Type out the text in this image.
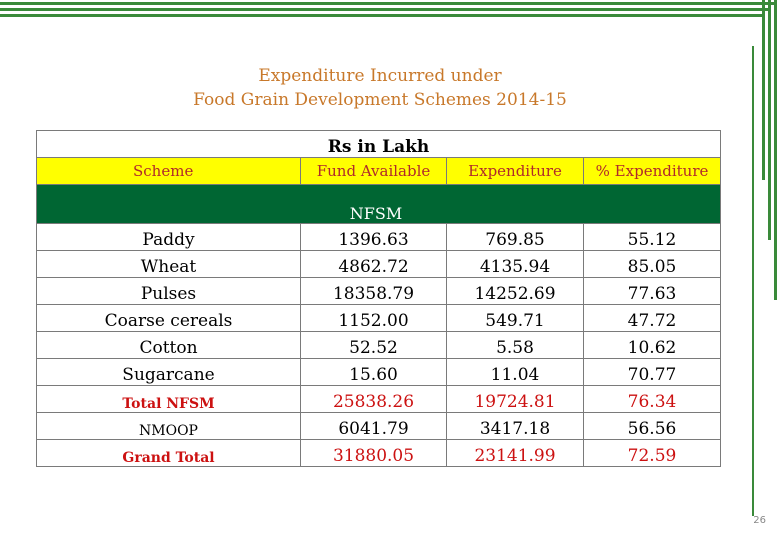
Expenditure Incurred under
Food Grain Development Schemes 2014-15
Rs in Lakh			
Scheme	Fund Available	Expenditure	% Expenditure
NFSM			
Paddy	1396.63	769.85	55.12
Wheat	4862.72	4135.94	85.05
Pulses	18358.79	14252.69	77.63
Coarse cereals	1152.00	549.71	47.72
Cotton	52.52	5.58	10.62
Sugarcane	15.60	11.04	70.77
Total NFSM	25838.26	19724.81	76.34
NMOOP	6041.79	3417.18	56.56
Grand Total	31880.05	23141.99	72.59
26
